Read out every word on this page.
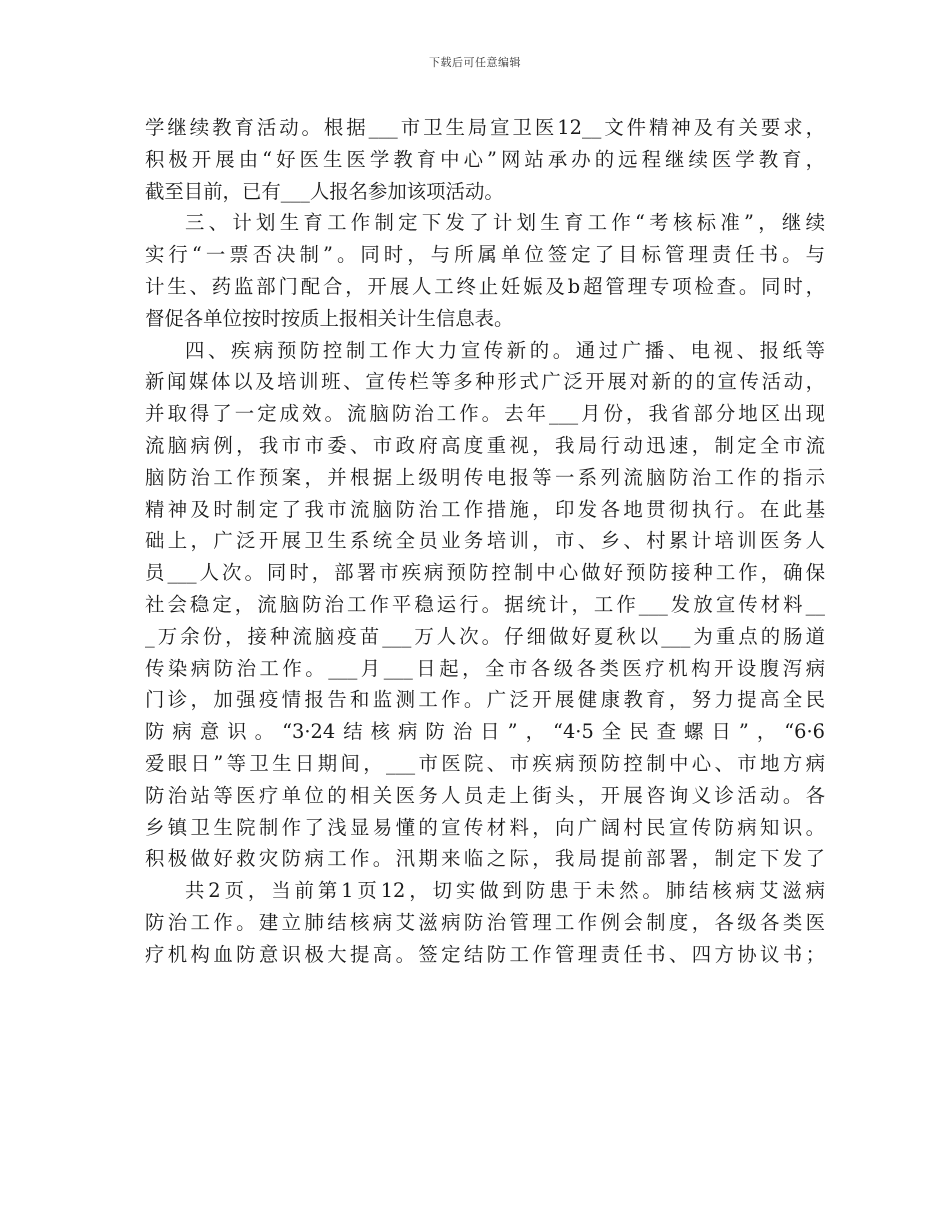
下载后可任意编辑
学继续教育活动。根据___市卫生局宣卫医12__文件精神及有关要求，
积极开展由“好医生医学教育中心”网站承办的远程继续医学教育，
截至目前，已有___人报名参加该项活动。
三、计划生育工作制定下发了计划生育工作“考核标准”，继续
实行“一票否决制”。同时，与所属单位签定了目标管理责任书。与
计生、药监部门配合，开展人工终止妊娠及b超管理专项检查。同时，
督促各单位按时按质上报相关计生信息表。
四、疾病预防控制工作大力宣传新的。通过广播、电视、报纸等
新闻媒体以及培训班、宣传栏等多种形式广泛开展对新的的宣传活动，
并取得了一定成效。流脑防治工作。去年___月份，我省部分地区出现
流脑病例，我市市委、市政府高度重视，我局行动迅速，制定全市流
脑防治工作预案，并根据上级明传电报等一系列流脑防治工作的指示
精神及时制定了我市流脑防治工作措施，印发各地贯彻执行。在此基
础上，广泛开展卫生系统全员业务培训，市、乡、村累计培训医务人
员___人次。同时，部署市疾病预防控制中心做好预防接种工作，确保
社会稳定，流脑防治工作平稳运行。据统计，工作___发放宣传材料__
_万余份，接种流脑疫苗___万人次。仔细做好夏秋以___为重点的肠道
传染病防治工作。___月___日起，全市各级各类医疗机构开设腹泻病
门诊，加强疫情报告和监测工作。广泛开展健康教育，努力提高全民
防病意识。“3·24结核病防治日”，“4·5全民查螺日”，“6·6
爱眼日”等卫生日期间，___市医院、市疾病预防控制中心、市地方病
防治站等医疗单位的相关医务人员走上街头，开展咨询义诊活动。各
乡镇卫生院制作了浅显易懂的宣传材料，向广阔村民宣传防病知识。
积极做好救灾防病工作。汛期来临之际，我局提前部署，制定下发了
共2页，当前第1页12，切实做到防患于未然。肺结核病艾滋病
防治工作。建立肺结核病艾滋病防治管理工作例会制度，各级各类医
疗机构血防意识极大提高。签定结防工作管理责任书、四方协议书；
